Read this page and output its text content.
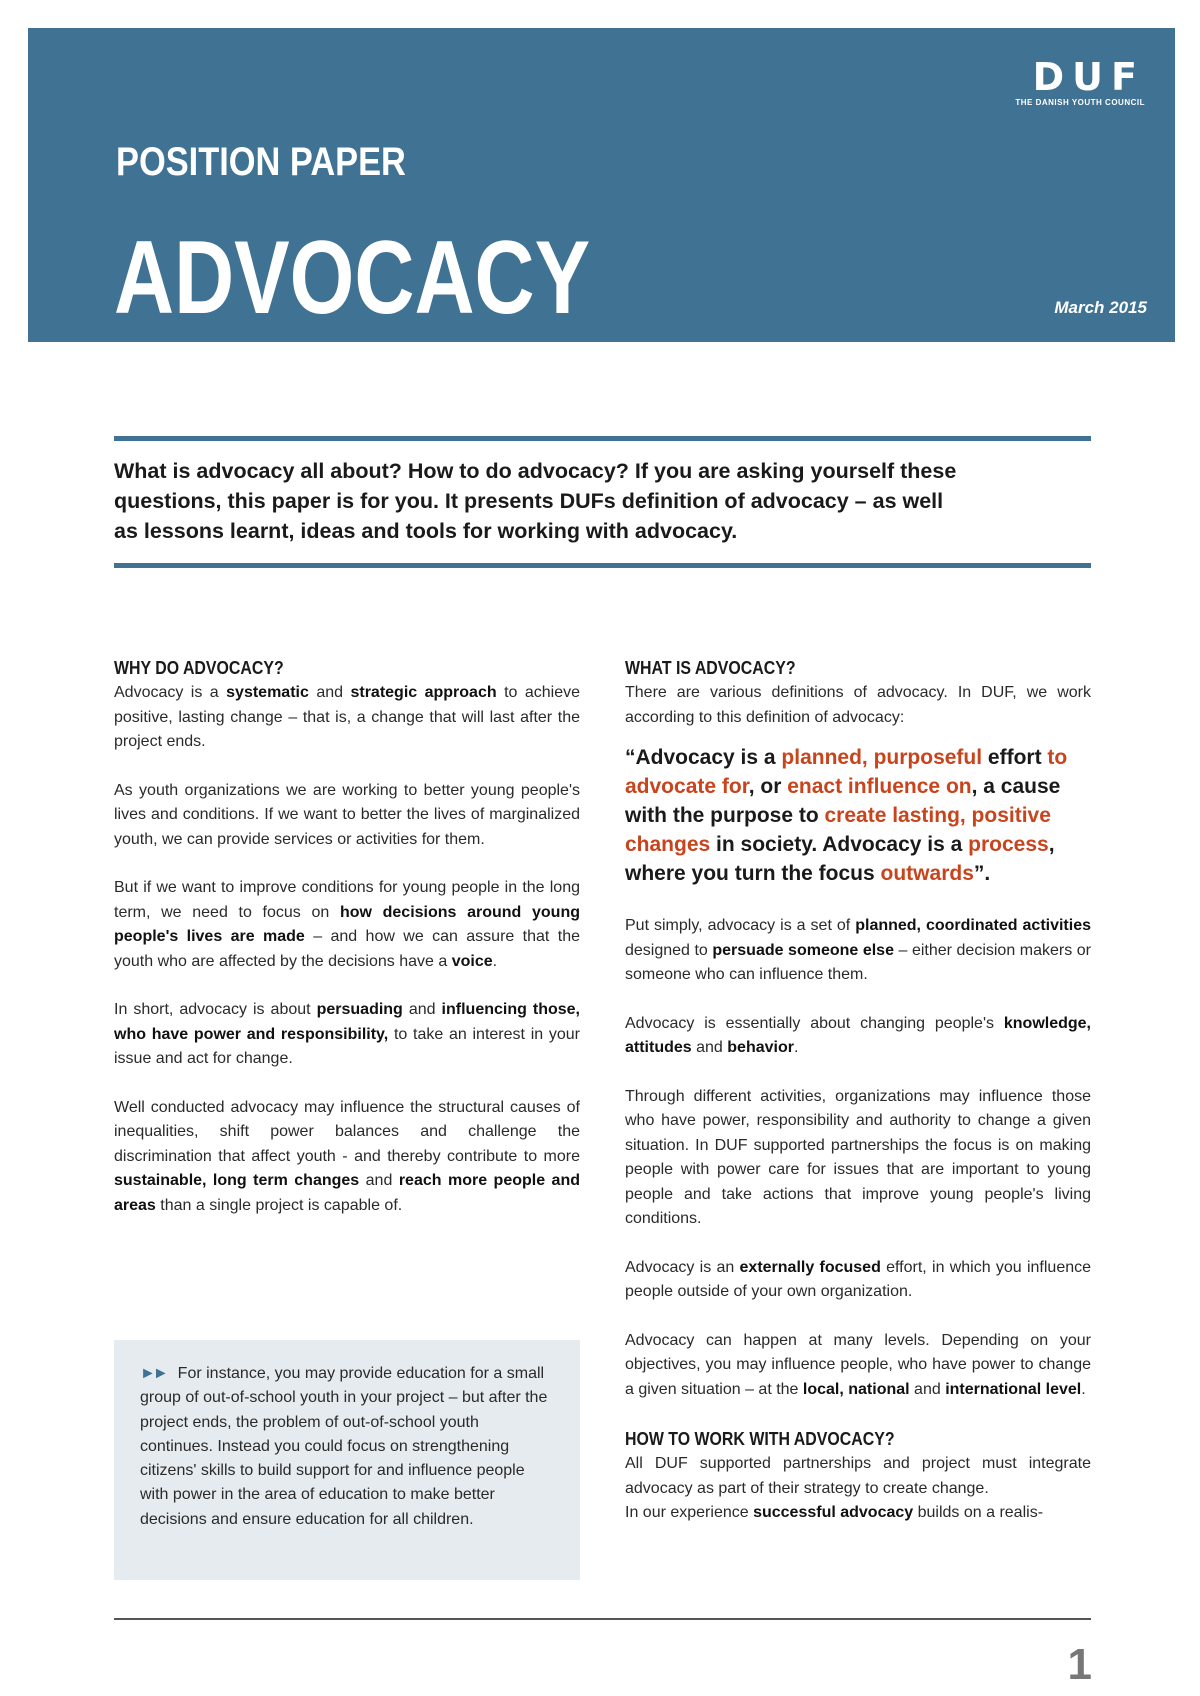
DUF
THE DANISH YOUTH COUNCIL
POSITION PAPER
ADVOCACY	March 2015
What is advocacy all about? How to do advocacy? If you are asking yourself these
questions, this paper is for you. It presents DUFs definition of advocacy – as well
as lessons learnt, ideas and tools for working with advocacy.
WHY DO ADVOCACY?

Advocacy is a systematic and strategic approach to achieve positive, lasting change – that is, a change that will last after the project ends.

As youth organizations we are working to better young people's lives and conditions. If we want to better the lives of marginalized youth, we can provide services or activities for them.

But if we want to improve conditions for young people in the long term, we need to focus on how decisions around young people's lives are made – and how we can assure that the youth who are affected by the decisions have a voice.

In short, advocacy is about persuading and influencing those, who have power and responsibility, to take an interest in your issue and act for change.

Well conducted advocacy may influence the structural causes of inequalities, shift power balances and challenge the discrimination that affect youth - and thereby contribute to more sustainable, long term changes and reach more people and areas than a single project is capable of.

►► For instance, you may provide education for a small group of out-of-school youth in your project – but after the project ends, the problem of out-of-school youth continues. Instead you could focus on strengthening citizens' skills to build support for and influence people with power in the area of education to make better decisions and ensure education for all children.
WHAT IS ADVOCACY?

There are various definitions of advocacy. In DUF, we work according to this definition of advocacy:

“Advocacy is a planned, purposeful effort to advocate for, or enact influence on, a cause with the purpose to create lasting, positive changes in society. Advocacy is a process, where you turn the focus outwards”.

Put simply, advocacy is a set of planned, coordinated activities designed to persuade someone else – either decision makers or someone who can influence them.

Advocacy is essentially about changing people's knowledge, attitudes and behavior.

Through different activities, organizations may influence those who have power, responsibility and authority to change a given situation. In DUF supported partnerships the focus is on making people with power care for issues that are important to young people and take actions that improve young people's living conditions.

Advocacy is an externally focused effort, in which you influence people outside of your own organization.

Advocacy can happen at many levels. Depending on your objectives, you may influence people, who have power to change a given situation – at the local, national and international level.

HOW TO WORK WITH ADVOCACY?

All DUF supported partnerships and project must integrate advocacy as part of their strategy to create change.

In our experience successful advocacy builds on a realis-

1
